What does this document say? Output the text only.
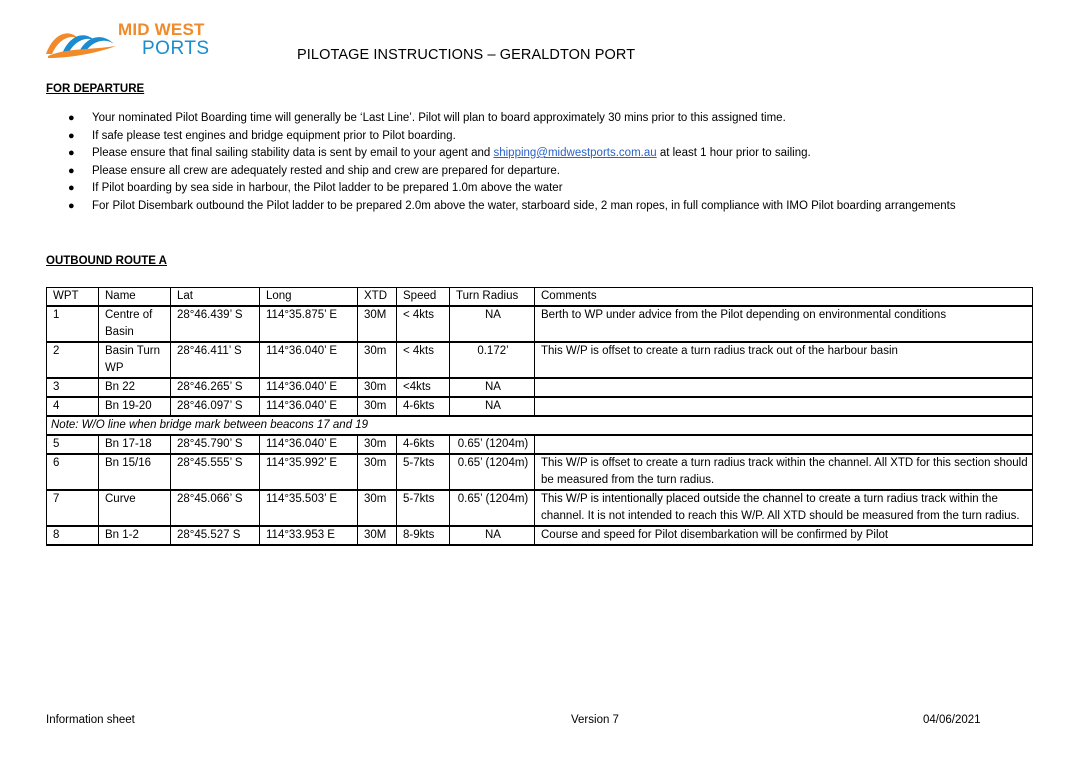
MID WEST
PORTS	PILOTAGE INSTRUCTIONS – GERALDTON PORT
FOR DEPARTURE
● Your nominated Pilot Boarding time will generally be ‘Last Line’. Pilot will plan to board approximately 30 mins prior to this assigned time.
● If safe please test engines and bridge equipment prior to Pilot boarding.
● Please ensure that final sailing stability data is sent by email to your agent and shipping@midwestports.com.au at least 1 hour prior to sailing.
● Please ensure all crew are adequately rested and ship and crew are prepared for departure.
● If Pilot boarding by sea side in harbour, the Pilot ladder to be prepared 1.0m above the water
● For Pilot Disembark outbound the Pilot ladder to be prepared 2.0m above the water, starboard side, 2 man ropes, in full compliance with IMO Pilot boarding arrangements
OUTBOUND ROUTE A
WPT	Name	Lat	Long	XTD	Speed	Turn Radius	Comments
1	Centre of Basin	28°46.439’ S	114°35.875’ E	30M	< 4kts	NA	Berth to WP under advice from the Pilot depending on environmental conditions
2	Basin Turn WP	28°46.411’ S	114°36.040’ E	30m	< 4kts	0.172’	This W/P is offset to create a turn radius track out of the harbour basin
3	Bn 22	28°46.265’ S	114°36.040’ E	30m	<4kts	NA	
4	Bn 19-20	28°46.097’ S	114°36.040’ E	30m	4-6kts	NA	
Note: W/O line when bridge mark between beacons 17 and 19							
5	Bn 17-18	28°45.790’ S	114°36.040’ E	30m	4-6kts	0.65’ (1204m)	
6	Bn 15/16	28°45.555’ S	114°35.992’ E	30m	5-7kts	0.65’ (1204m)	This W/P is offset to create a turn radius track within the channel. All XTD for this section should be measured from the turn radius.
7	Curve	28°45.066’ S	114°35.503’ E	30m	5-7kts	0.65’ (1204m)	This W/P is intentionally placed outside the channel to create a turn radius track within the channel. It is not intended to reach this W/P. All XTD should be measured from the turn radius.
8	Bn 1-2	28°45.527 S	114°33.953 E	30M	8-9kts	NA	Course and speed for Pilot disembarkation will be confirmed by Pilot
Information sheet	Version 7	04/06/2021
